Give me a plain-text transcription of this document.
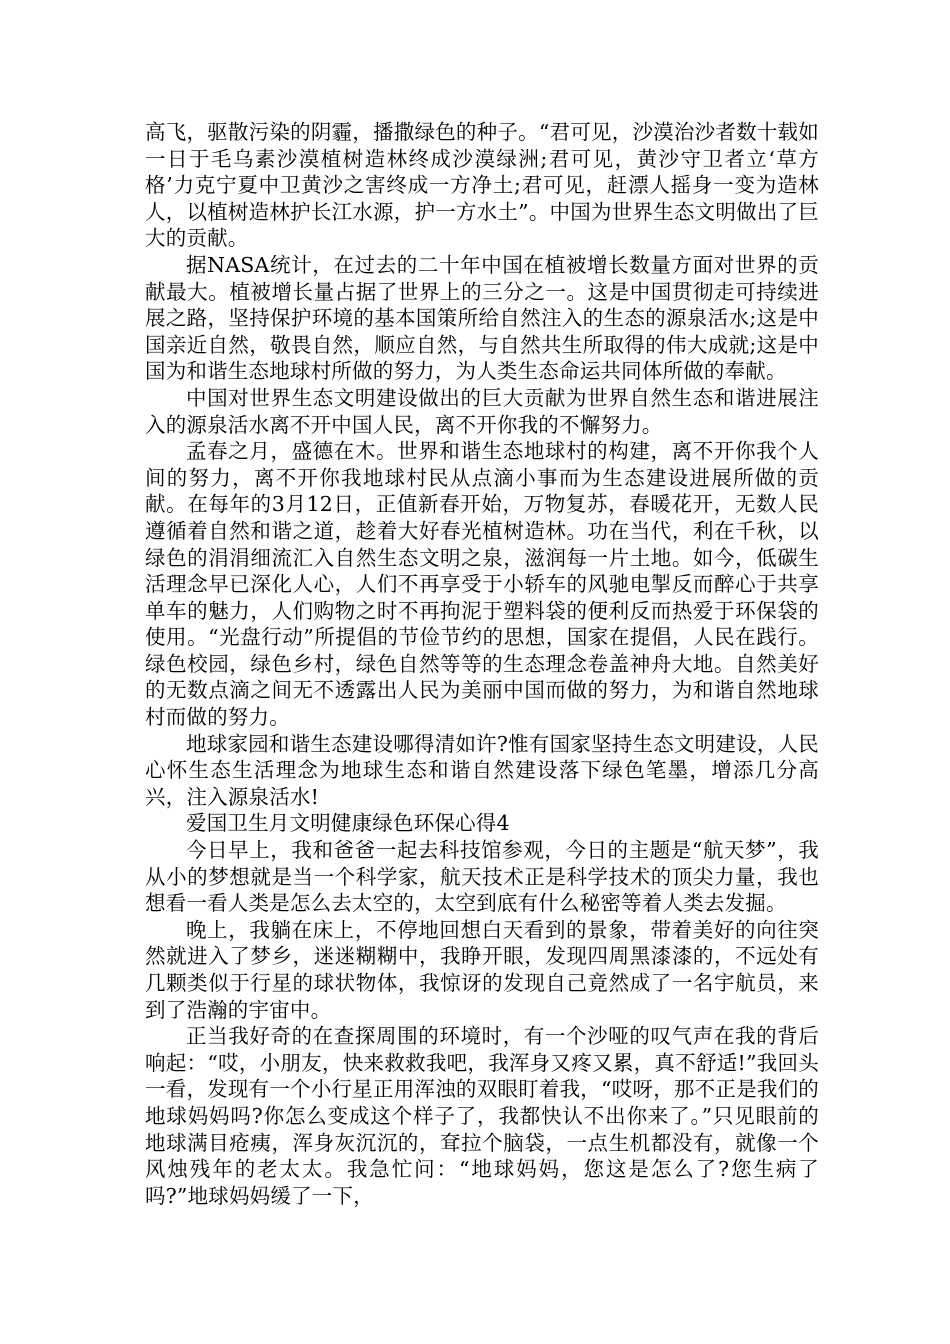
高飞，驱散污染的阴霾，播撒绿色的种子。“君可见，沙漠治沙者数十载如一日于毛乌素沙漠植树造林终成沙漠绿洲;君可见，黄沙守卫者立‘草方格’力克宁夏中卫黄沙之害终成一方净土;君可见，赶漂人摇身一变为造林人，以植树造林护长江水源，护一方水土”。中国为世界生态文明做出了巨大的贡献。

据NASA统计，在过去的二十年中国在植被增长数量方面对世界的贡献最大。植被增长量占据了世界上的三分之一。这是中国贯彻走可持续进展之路，坚持保护环境的基本国策所给自然注入的生态的源泉活水;这是中国亲近自然，敬畏自然，顺应自然，与自然共生所取得的伟大成就;这是中国为和谐生态地球村所做的努力，为人类生态命运共同体所做的奉献。

中国对世界生态文明建设做出的巨大贡献为世界自然生态和谐进展注入的源泉活水离不开中国人民，离不开你我的不懈努力。

孟春之月，盛德在木。世界和谐生态地球村的构建，离不开你我个人间的努力，离不开你我地球村民从点滴小事而为生态建设进展所做的贡献。在每年的3月12日，正值新春开始，万物复苏，春暖花开，无数人民遵循着自然和谐之道，趁着大好春光植树造林。功在当代，利在千秋，以绿色的涓涓细流汇入自然生态文明之泉，滋润每一片土地。如今，低碳生活理念早已深化人心，人们不再享受于小轿车的风驰电掣反而醉心于共享单车的魅力，人们购物之时不再拘泥于塑料袋的便利反而热爱于环保袋的使用。“光盘行动”所提倡的节俭节约的思想，国家在提倡，人民在践行。绿色校园，绿色乡村，绿色自然等等的生态理念卷盖神舟大地。自然美好的无数点滴之间无不透露出人民为美丽中国而做的努力，为和谐自然地球村而做的努力。

地球家园和谐生态建设哪得清如许?惟有国家坚持生态文明建设，人民心怀生态生活理念为地球生态和谐自然建设落下绿色笔墨，增添几分高兴，注入源泉活水!

爱国卫生月文明健康绿色环保心得4

今日早上，我和爸爸一起去科技馆参观，今日的主题是“航天梦”，我从小的梦想就是当一个科学家，航天技术正是科学技术的顶尖力量，我也想看一看人类是怎么去太空的，太空到底有什么秘密等着人类去发掘。

晚上，我躺在床上，不停地回想白天看到的景象，带着美好的向往突然就进入了梦乡，迷迷糊糊中，我睁开眼，发现四周黑漆漆的，不远处有几颗类似于行星的球状物体，我惊讶的发现自己竟然成了一名宇航员，来到了浩瀚的宇宙中。

正当我好奇的在查探周围的环境时，有一个沙哑的叹气声在我的背后响起：“哎，小朋友，快来救救我吧，我浑身又疼又累，真不舒适!”我回头一看，发现有一个小行星正用浑浊的双眼盯着我，“哎呀，那不正是我们的地球妈妈吗?你怎么变成这个样子了，我都快认不出你来了。”只见眼前的地球满目疮痍，浑身灰沉沉的，耷拉个脑袋，一点生机都没有，就像一个风烛残年的老太太。我急忙问：“地球妈妈，您这是怎么了?您生病了吗?”地球妈妈缓了一下，
